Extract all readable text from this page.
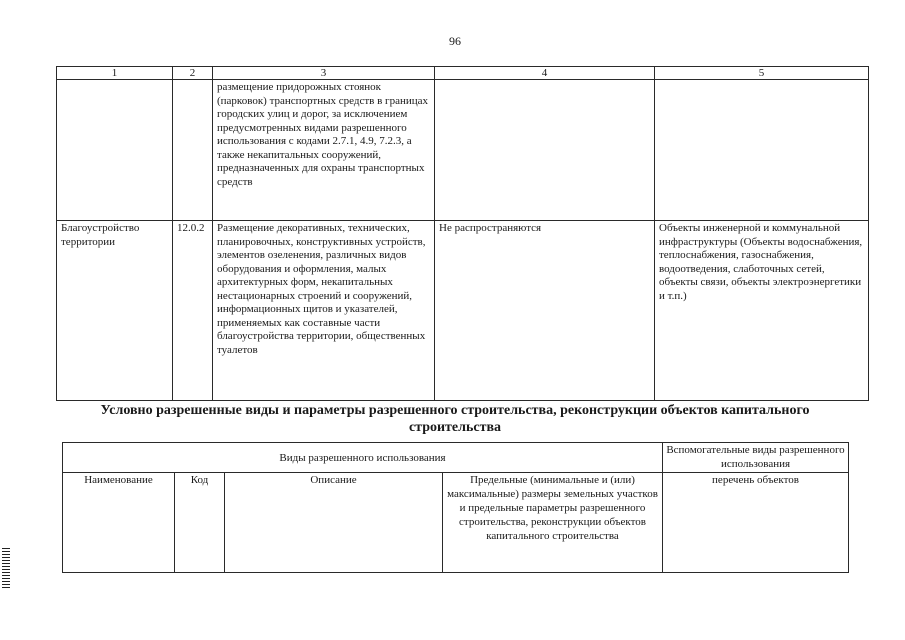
96
1	2	3	4	5
		размещение придорожных стоянок (парковок) транспортных средств в границах городских улиц и дорог, за исключением предусмотренных видами разрешенного использования с кодами 2.7.1, 4.9, 7.2.3, а также некапитальных сооружений, предназначенных для охраны транспортных средств		
Благоустройство территории	12.0.2	Размещение декоративных, технических, планировочных, конструктивных устройств, элементов озеленения, различных видов оборудования и оформления, малых архитектурных форм, некапитальных нестационарных строений и сооружений, информационных щитов и указателей, применяемых как составные части благоустройства территории, общественных туалетов	Не распространяются	Объекты инженерной и коммунальной инфраструктуры (Объекты водоснабжения, теплоснабжения, газоснабжения, водоотведения, слаботочных сетей, объекты связи, объекты электроэнергетики и т.п.)
Условно разрешенные виды и параметры разрешенного строительства, реконструкции объектов капитального строительства
Виды разрешенного использования				Вспомогательные виды разрешенного использования
Наименование	Код	Описание	Предельные (минимальные и (или) максимальные) размеры земельных участков и предельные параметры разрешенного строительства, реконструкции объектов капитального строительства	перечень объектов
